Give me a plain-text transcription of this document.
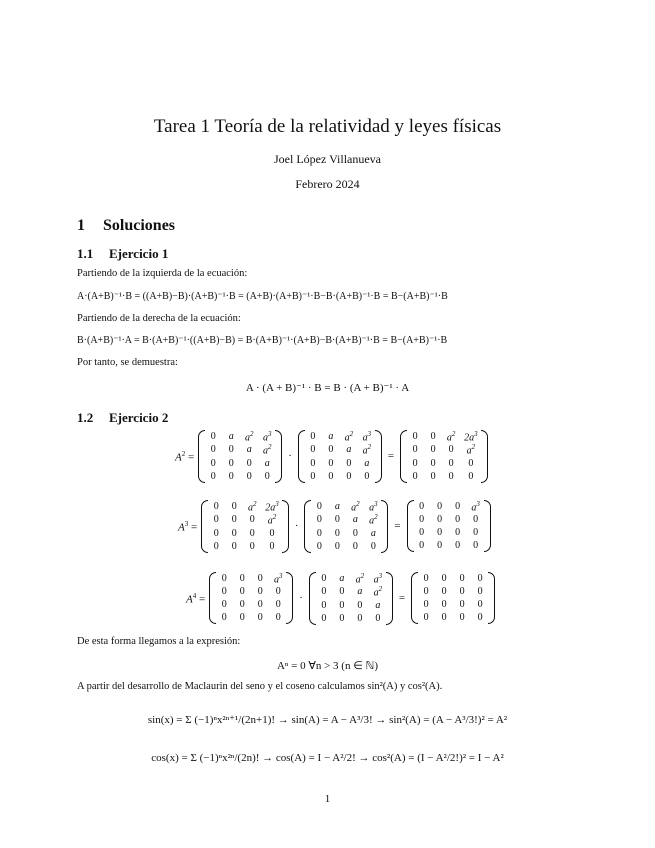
Tarea 1 Teoría de la relatividad y leyes físicas
Joel López Villanueva
Febrero 2024
1 Soluciones
1.1 Ejercicio 1
Partiendo de la izquierda de la ecuación:
A·(A+B)⁻¹·B = ((A+B)−B)·(A+B)⁻¹·B = (A+B)·(A+B)⁻¹·B−B·(A+B)⁻¹·B = B−(A+B)⁻¹·B
Partiendo de la derecha de la ecuación:
B·(A+B)⁻¹·A = B·(A+B)⁻¹·((A+B)−B) = B·(A+B)⁻¹·(A+B)−B·(A+B)⁻¹·B = B−(A+B)⁻¹·B
Por tanto, se demuestra:
A · (A + B)⁻¹ · B = B · (A + B)⁻¹ · A
1.2 Ejercicio 2
$A^2$ =
0	a	$a^2$	$a^3$
0	0	a	$a^2$
0	0	0	a
0	0	0	0
·
0	a	$a^2$	$a^3$
0	0	a	$a^2$
0	0	0	a
0	0	0	0
=
0	0	$a^2$	$2a^3$
0	0	0	$a^2$
0	0	0	0
0	0	0	0
$A^3$ =
0	0	$a^2$	$2a^3$
0	0	0	$a^2$
0	0	0	0
0	0	0	0
·
0	a	$a^2$	$a^3$
0	0	a	$a^2$
0	0	0	a
0	0	0	0
=
0	0	0	$a^3$
0	0	0	0
0	0	0	0
0	0	0	0
$A^4$ =
0	0	0	$a^3$
0	0	0	0
0	0	0	0
0	0	0	0
·
0	a	$a^2$	$a^3$
0	0	a	$a^2$
0	0	0	a
0	0	0	0
=
0	0	0	0
0	0	0	0
0	0	0	0
0	0	0	0
De esta forma llegamos a la expresión:
Aⁿ = 0 ∀n > 3 (n ∈ ℕ)
A partir del desarrollo de Maclaurin del seno y el coseno calculamos sin²(A) y cos²(A).
sin(x) = Σ (−1)ⁿx²ⁿ⁺¹/(2n+1)! → sin(A) = A − A³/3! → sin²(A) = (A − A³/3!)² = A²
cos(x) = Σ (−1)ⁿx²ⁿ/(2n)! → cos(A) = I − A²/2! → cos²(A) = (I − A²/2!)² = I − A²
1
